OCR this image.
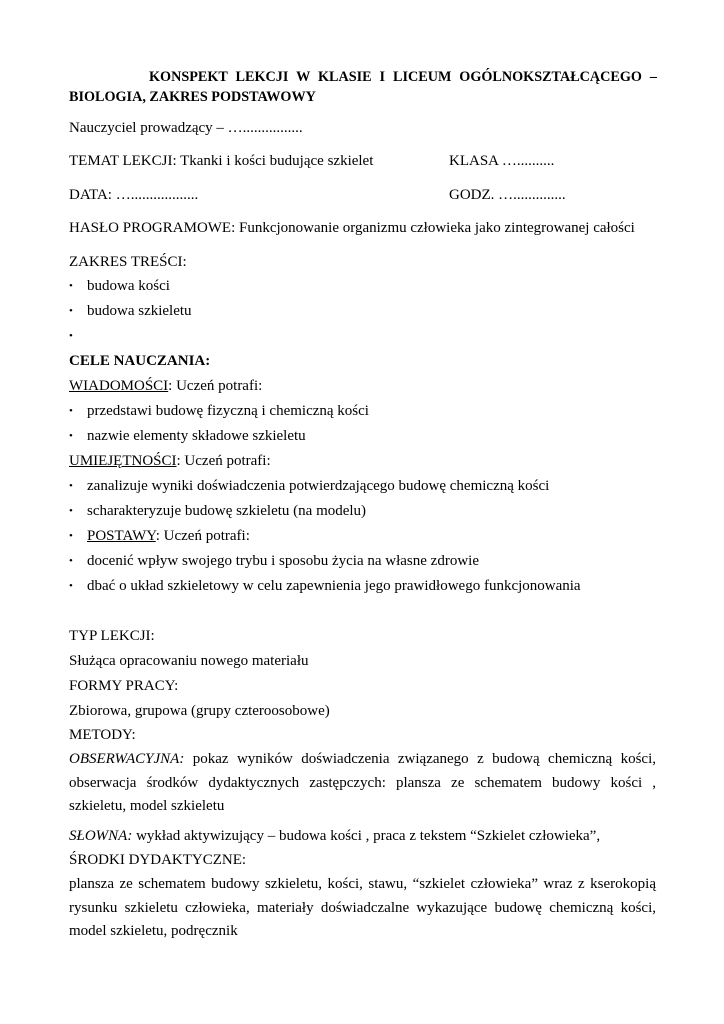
KONSPEKT LEKCJI W KLASIE I LICEUM OGÓLNOKSZTAŁCĄCEGO –
BIOLOGIA, ZAKRES PODSTAWOWY
Nauczyciel prowadzący – …................
TEMAT LEKCJI: Tkanki i kości budujące szkielet	KLASA …..........
DATA: …..................	GODZ. …..............
HASŁO PROGRAMOWE: Funkcjonowanie organizmu człowieka jako zintegrowanej całości
ZAKRES TREŚCI:
• budowa kości
• budowa szkieletu
•
CELE NAUCZANIA:
WIADOMOŚCI: Uczeń potrafi:
• przedstawi budowę fizyczną i chemiczną kości
• nazwie elementy składowe szkieletu
UMIEJĘTNOŚCI: Uczeń potrafi:
• zanalizuje wyniki doświadczenia potwierdzającego budowę chemiczną kości
• scharakteryzuje budowę szkieletu (na modelu)
• POSTAWY: Uczeń potrafi:
• docenić wpływ swojego trybu i sposobu życia na własne zdrowie
• dbać o układ szkieletowy w celu zapewnienia jego prawidłowego funkcjonowania
TYP LEKCJI:
Służąca opracowaniu nowego materiału
FORMY PRACY:
Zbiorowa, grupowa (grupy czteroosobowe)
METODY:
OBSERWACYJNA: pokaz wyników doświadczenia związanego z budową chemiczną kości, obserwacja środków dydaktycznych zastępczych: plansza ze schematem budowy kości , szkieletu, model szkieletu
SŁOWNA: wykład aktywizujący – budowa kości , praca z tekstem “Szkielet człowieka”,
ŚRODKI DYDAKTYCZNE:
plansza ze schematem budowy szkieletu, kości, stawu, “szkielet człowieka” wraz z kserokopią rysunku szkieletu człowieka, materiały doświadczalne wykazujące budowę chemiczną kości, model szkieletu, podręcznik
